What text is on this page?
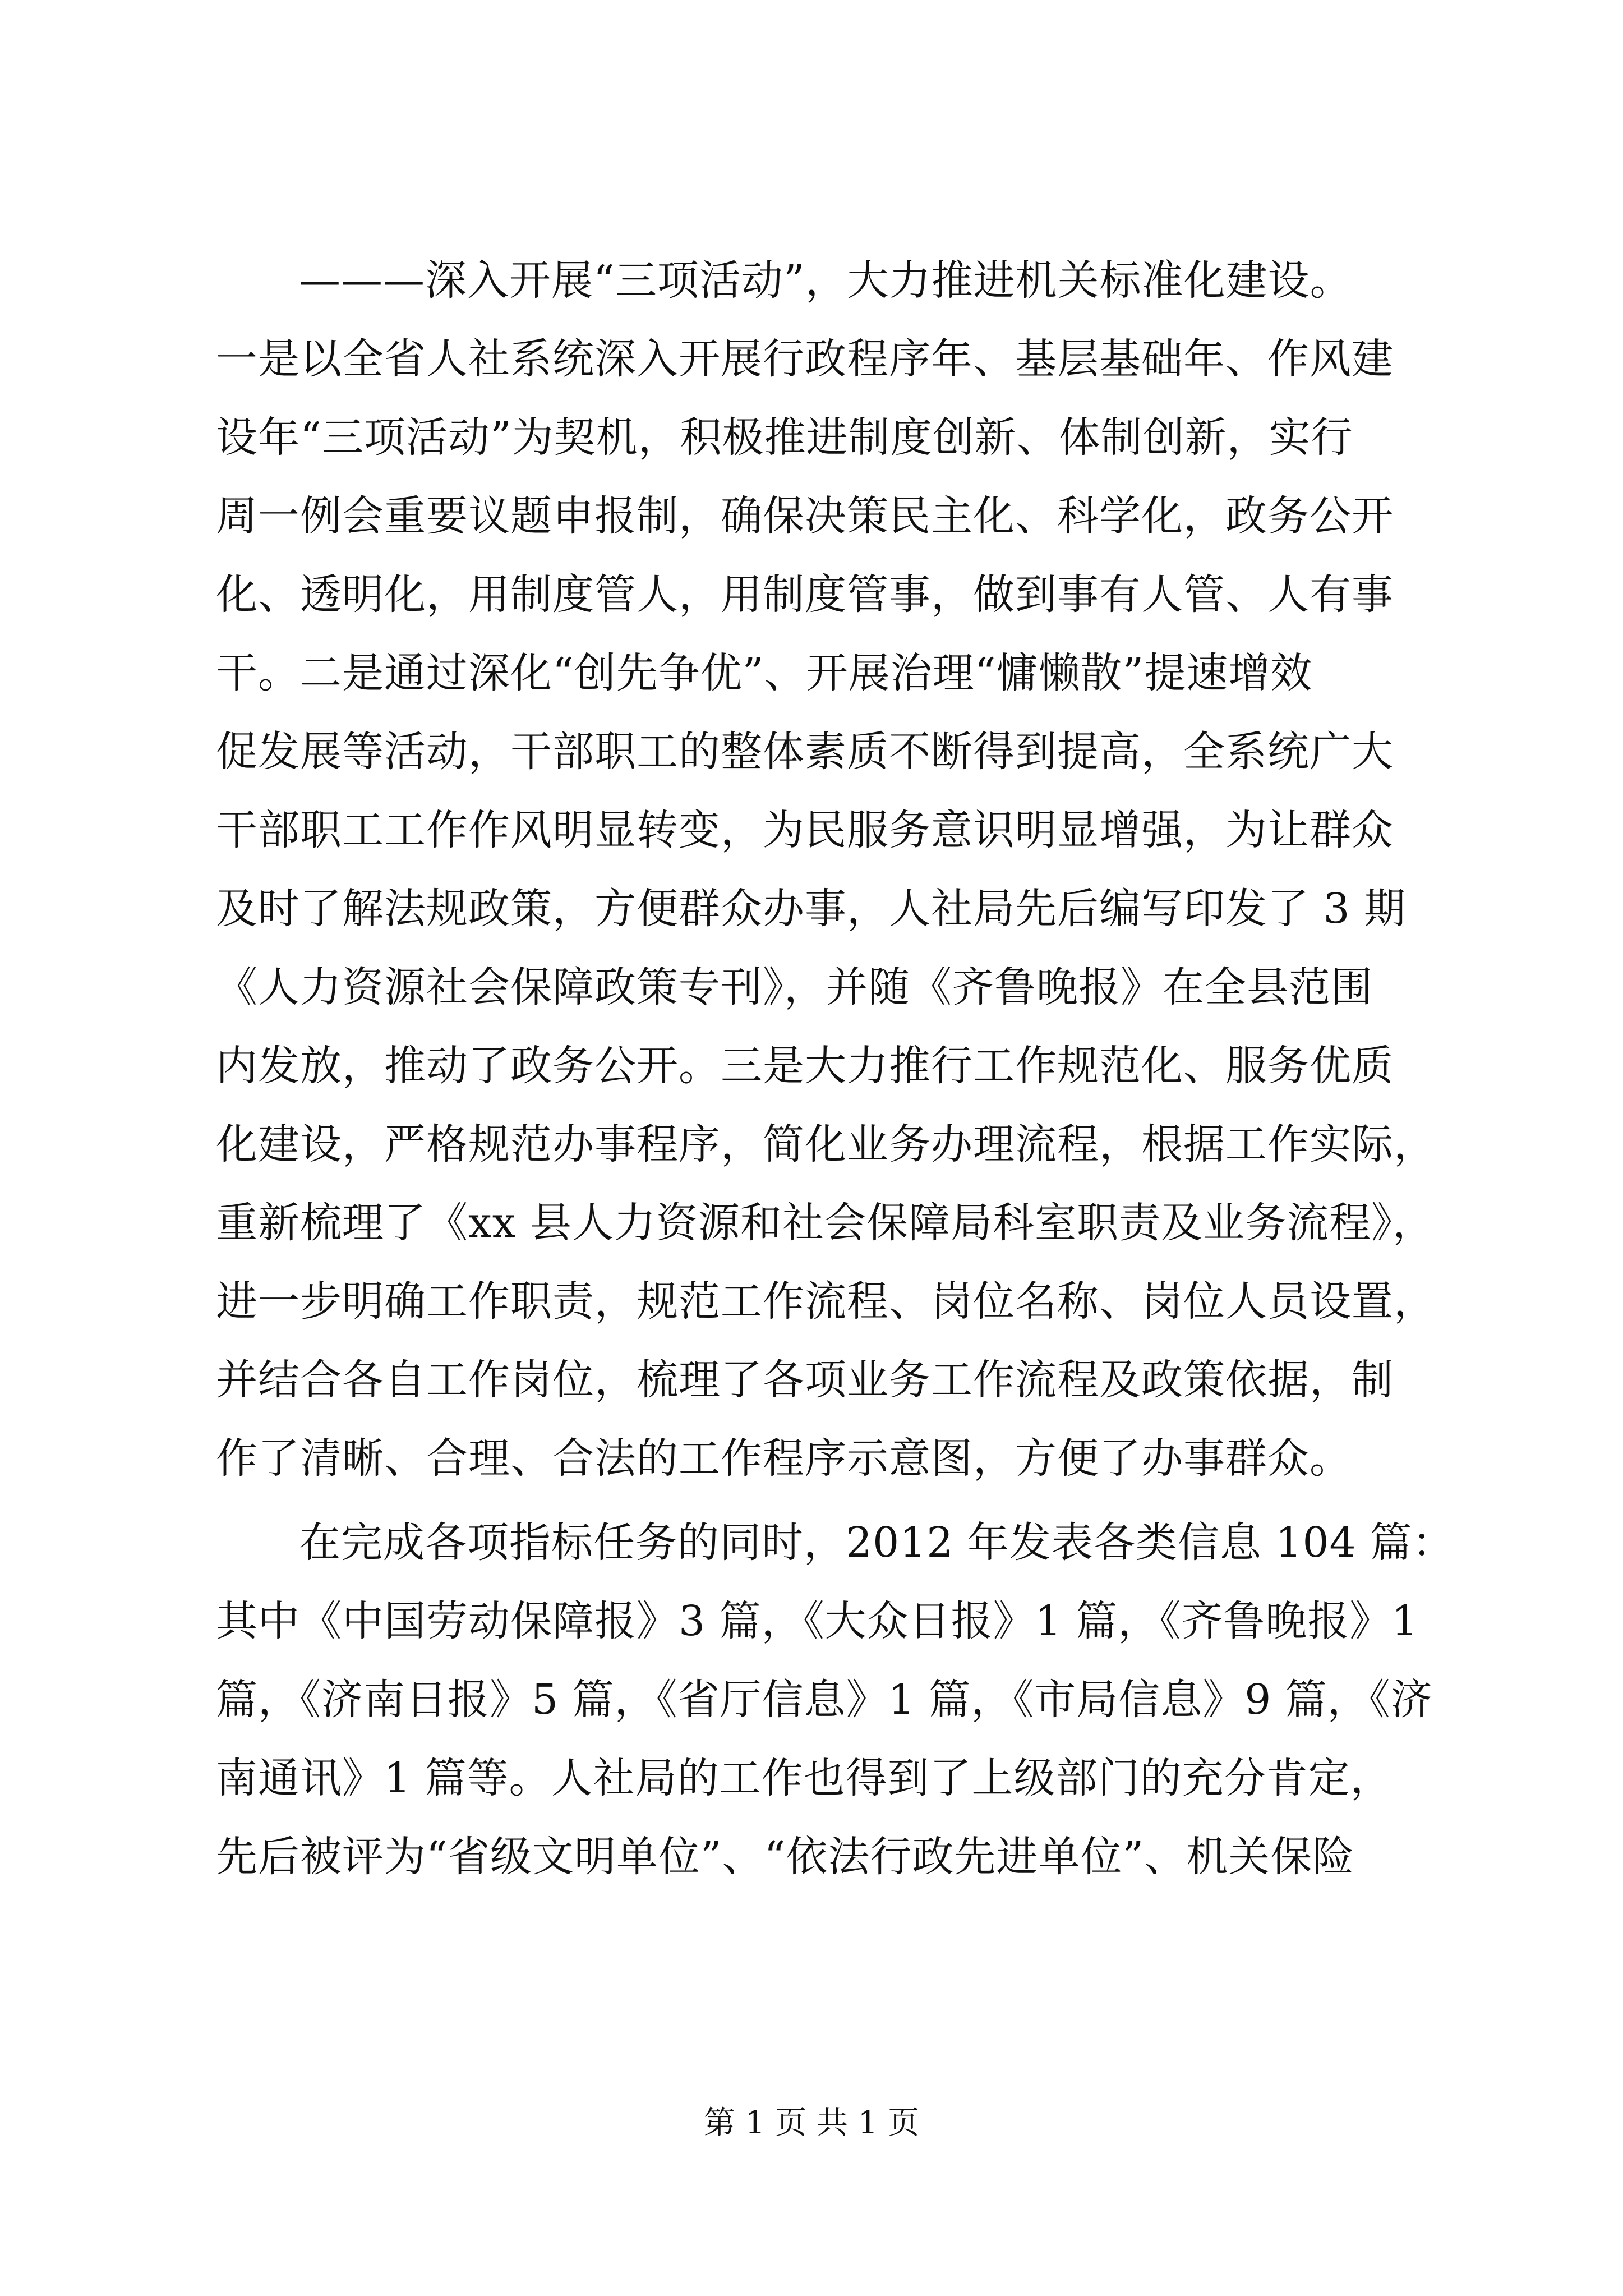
———深入开展“三项活动”，大力推进机关标准化建设。
一是以全省人社系统深入开展行政程序年、基层基础年、作风建
设年“三项活动”为契机，积极推进制度创新、体制创新，实行
周一例会重要议题申报制，确保决策民主化、科学化，政务公开
化、透明化，用制度管人，用制度管事，做到事有人管、人有事
干。二是通过深化“创先争优”、开展治理“慵懒散”提速增效
促发展等活动，干部职工的整体素质不断得到提高，全系统广大
干部职工工作作风明显转变，为民服务意识明显增强，为让群众
及时了解法规政策，方便群众办事，人社局先后编写印发了 3 期
《人力资源社会保障政策专刊》，并随《齐鲁晚报》在全县范围
内发放，推动了政务公开。三是大力推行工作规范化、服务优质
化建设，严格规范办事程序，简化业务办理流程，根据工作实际，
重新梳理了《xx 县人力资源和社会保障局科室职责及业务流程》，
进一步明确工作职责，规范工作流程、岗位名称、岗位人员设置，
并结合各自工作岗位，梳理了各项业务工作流程及政策依据，制
作了清晰、合理、合法的工作程序示意图，方便了办事群众。
在完成各项指标任务的同时，2012 年发表各类信息 104 篇：
其中《中国劳动保障报》3 篇，《大众日报》1 篇，《齐鲁晚报》1
篇，《济南日报》5 篇，《省厅信息》1 篇，《市局信息》9 篇，《济
南通讯》1 篇等。人社局的工作也得到了上级部门的充分肯定，
先后被评为“省级文明单位”、“依法行政先进单位”、机关保险
第 1 页 共 1 页
